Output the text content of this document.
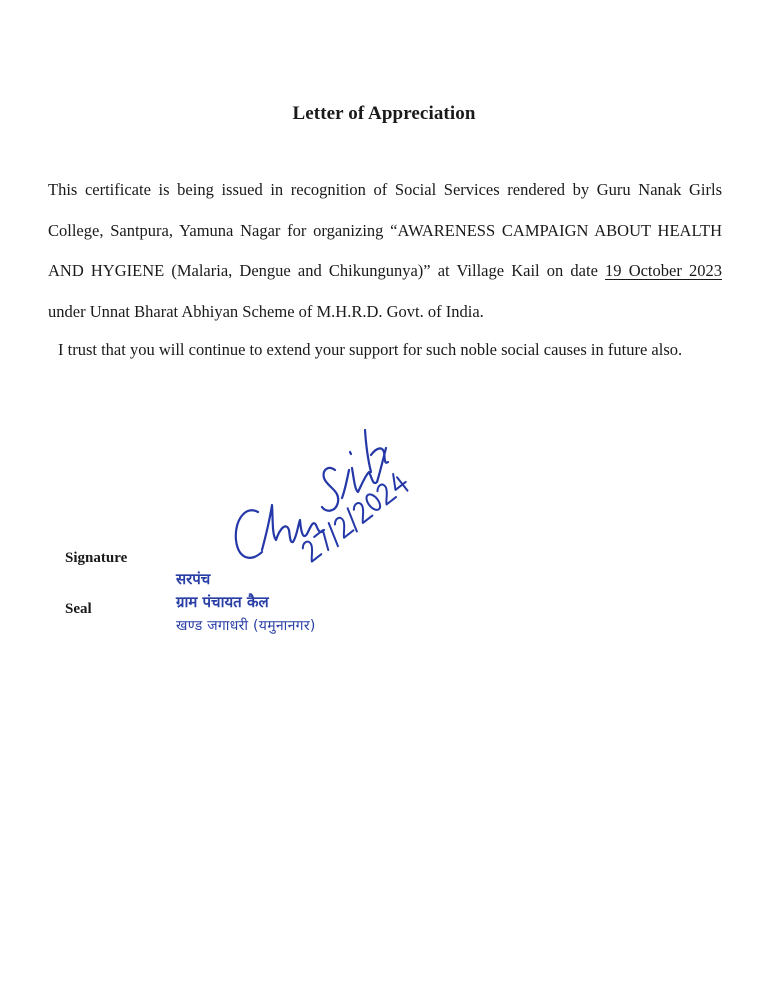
Letter of Appreciation

This certificate is being issued in recognition of Social Services rendered by Guru Nanak Girls College, Santpura, Yamuna Nagar for organizing “AWARENESS CAMPAIGN ABOUT HEALTH AND HYGIENE (Malaria, Dengue and Chikungunya)” at Village Kail on date 19 October 2023 under Unnat Bharat Abhiyan Scheme of M.H.R.D. Govt. of India.

I trust that you will continue to extend your support for such noble social causes in future also.

Signature
Seal
सरपंच
ग्राम पंचायत कैल
खण्ड जगाधरी (यमुनानगर)
